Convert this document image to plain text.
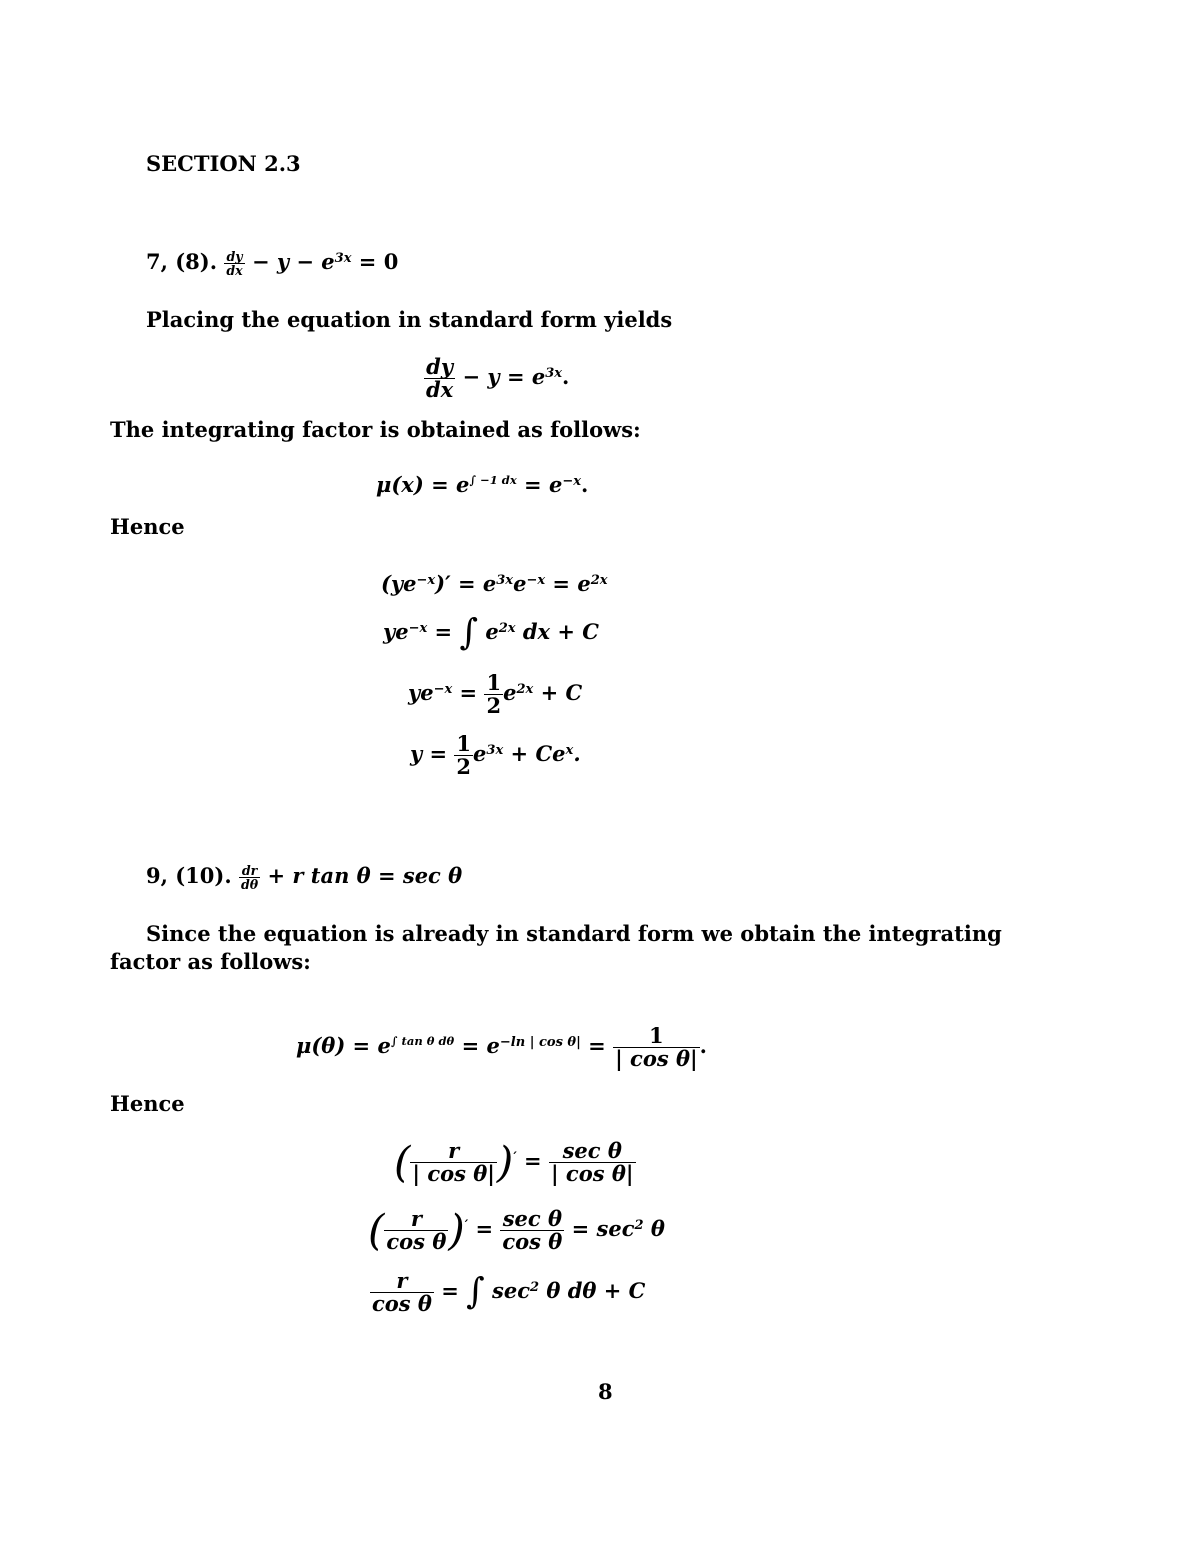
SECTION 2.3
7, (8). $\frac{dy}{dx} - y - e^{3x} = 0$
Placing the equation in standard form yields
$\frac{dy}{dx} - y = e^{3x}$.
The integrating factor is obtained as follows:
$\mu(x) = e^{\int -1 dx} = e^{-x}$.
Hence
$(ye^{-x})' = e^{3x}e^{-x} = e^{2x}$
$ye^{-x}$ = ∫ $e^{2x}$ dx + C
$ye^{-x} = \frac{1}{2} e^{2x} + C$
$y = \frac{1}{2} e^{3x} + Ce^x$.
9, (10). $\frac{dr}{d\theta} + r$ tan θ = sec θ
Since the equation is already in standard form we obtain the integrating
factor as follows:
$\mu(\theta) = e^{\int tan \theta d\theta} = e^{-ln | cos \theta|} = \frac{1}{\text{| cos θ|}}$ .
Hence
( $\frac{r}{\text{| cos θ|}} )' = \sec \theta$
| cos θ|
( $\frac{r}{\text{cos θ}} )' = \sec \theta$
cos θ
= $\sec^2 \theta$
$\frac{r}{\text{cos θ}}$ = ∫ $\sec^2 \theta$ dθ + C
8
